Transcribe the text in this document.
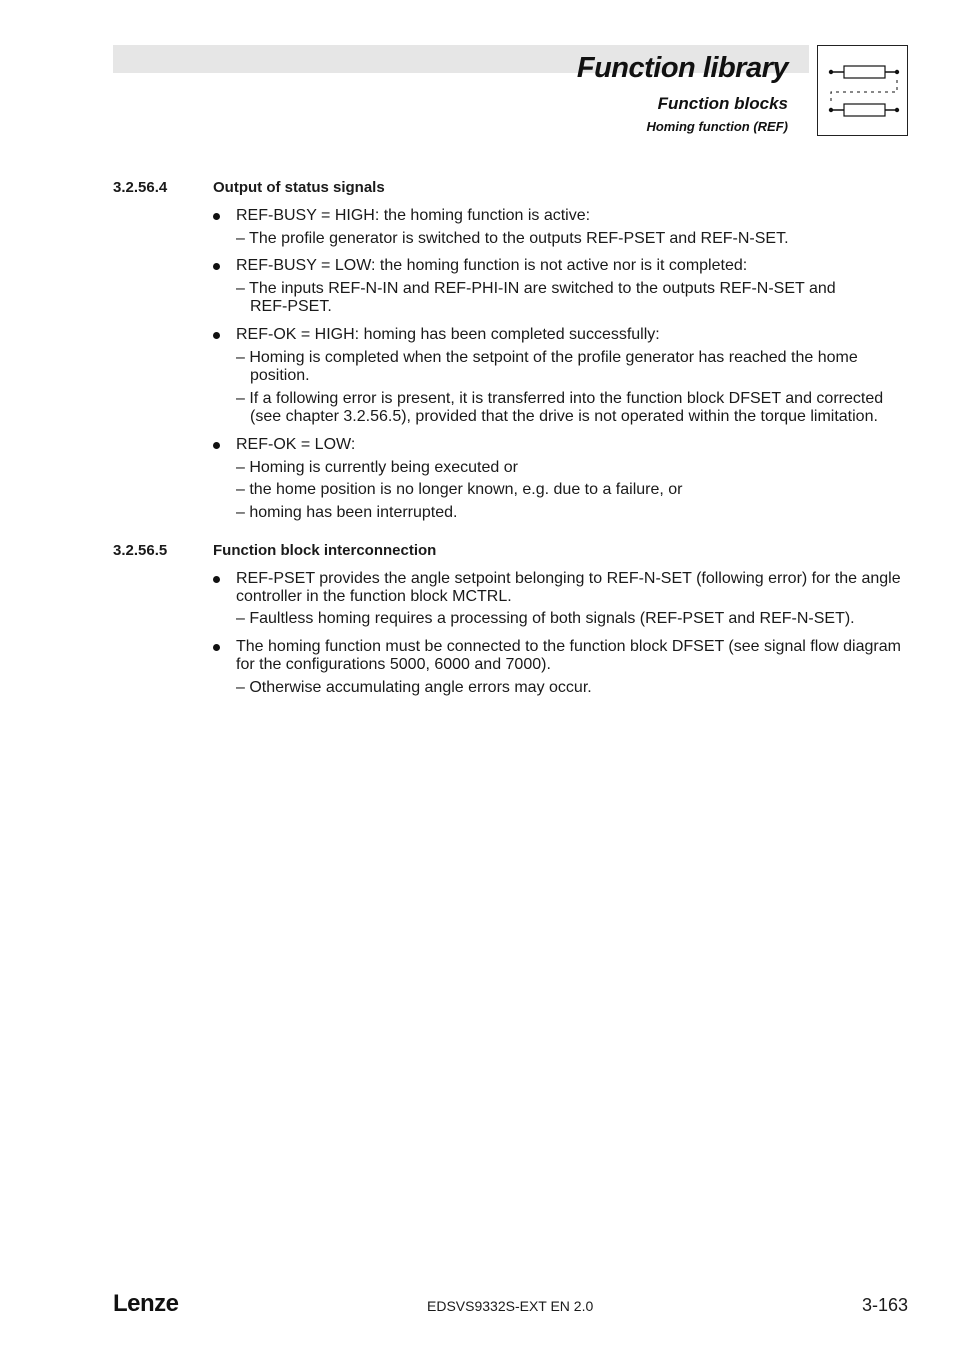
Function library
Function blocks
Homing function (REF)
3.2.56.4	Output of status signals
REF-BUSY = HIGH: the homing function is active:
– The profile generator is switched to the outputs REF-PSET and REF-N-SET.
REF-BUSY = LOW: the homing function is not active nor is it completed:
– The inputs REF-N-IN and REF-PHI-IN are switched to the outputs REF-N-SET and
REF-PSET.
REF-OK = HIGH: homing has been completed successfully:
– Homing is completed when the setpoint of the profile generator has reached the home
position.
– If a following error is present, it is transferred into the function block DFSET and corrected
(see chapter 3.2.56.5), provided that the drive is not operated within the torque limitation.
REF-OK = LOW:
– Homing is currently being executed or
– the home position is no longer known, e.g. due to a failure, or
– homing has been interrupted.
3.2.56.5	Function block interconnection
REF-PSET provides the angle setpoint belonging to REF-N-SET (following error) for the angle
controller in the function block MCTRL.
– Faultless homing requires a processing of both signals (REF-PSET and REF-N-SET).
The homing function must be connected to the function block DFSET (see signal flow diagram
for the configurations 5000, 6000 and 7000).
– Otherwise accumulating angle errors may occur.
Lenze	EDSVS9332S-EXT EN 2.0	3-163
